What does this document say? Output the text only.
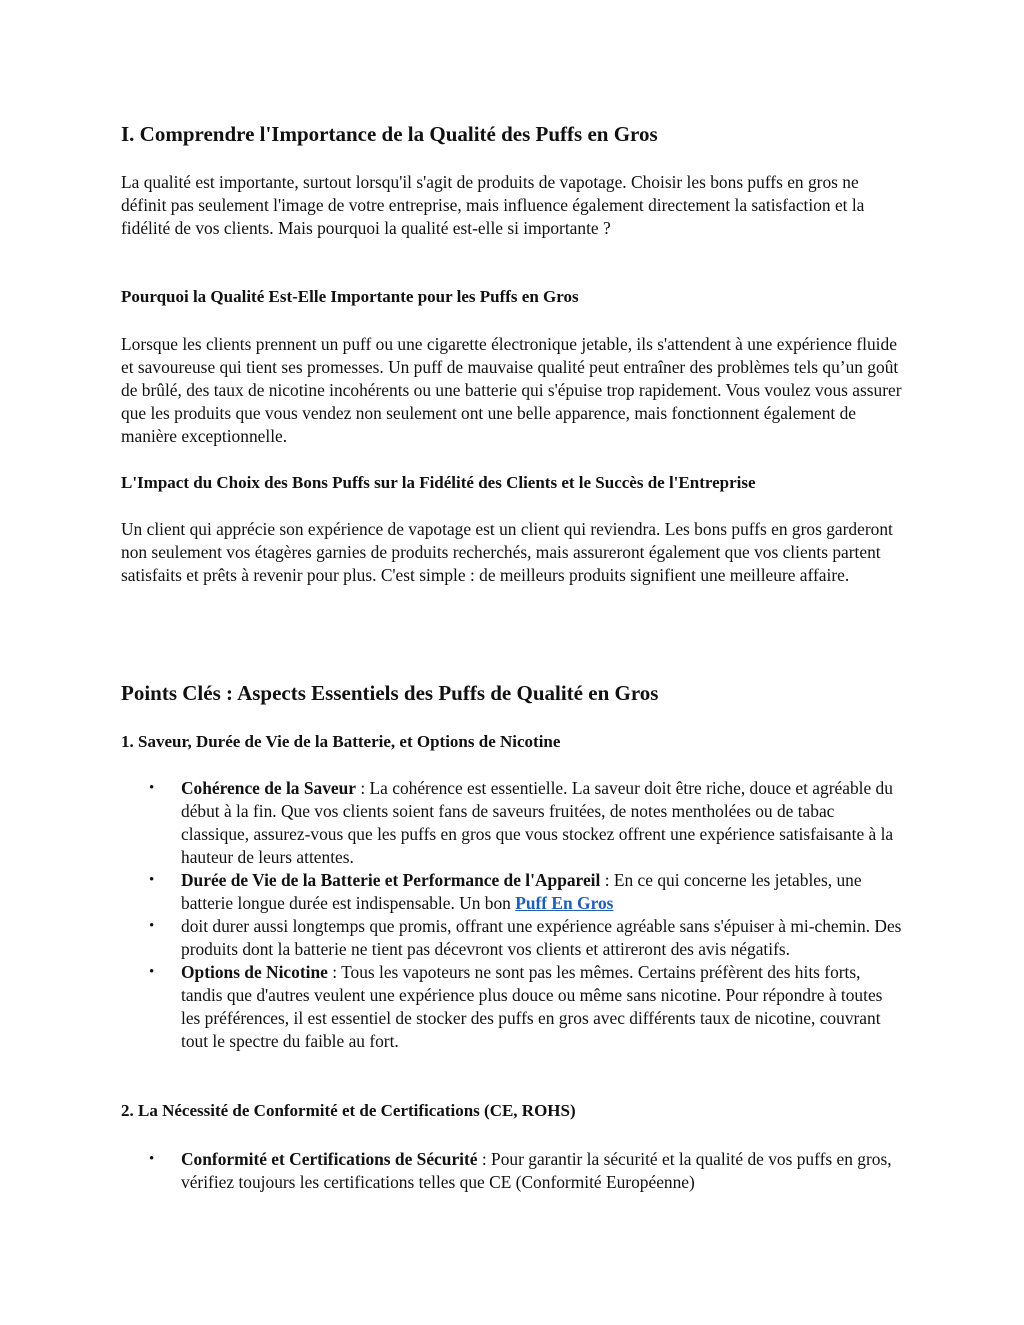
I. Comprendre l'Importance de la Qualité des Puffs en Gros

La qualité est importante, surtout lorsqu'il s'agit de produits de vapotage. Choisir les bons puffs en gros ne définit pas seulement l'image de votre entreprise, mais influence également directement la satisfaction et la fidélité de vos clients. Mais pourquoi la qualité est-elle si importante ?

Pourquoi la Qualité Est-Elle Importante pour les Puffs en Gros

Lorsque les clients prennent un puff ou une cigarette électronique jetable, ils s'attendent à une expérience fluide et savoureuse qui tient ses promesses. Un puff de mauvaise qualité peut entraîner des problèmes tels qu’un goût de brûlé, des taux de nicotine incohérents ou une batterie qui s'épuise trop rapidement. Vous voulez vous assurer que les produits que vous vendez non seulement ont une belle apparence, mais fonctionnent également de manière exceptionnelle.

L'Impact du Choix des Bons Puffs sur la Fidélité des Clients et le Succès de l'Entreprise

Un client qui apprécie son expérience de vapotage est un client qui reviendra. Les bons puffs en gros garderont non seulement vos étagères garnies de produits recherchés, mais assureront également que vos clients partent satisfaits et prêts à revenir pour plus. C'est simple : de meilleurs produits signifient une meilleure affaire.

Points Clés : Aspects Essentiels des Puffs de Qualité en Gros
1. Saveur, Durée de Vie de la Batterie, et Options de Nicotine
• Cohérence de la Saveur : La cohérence est essentielle. La saveur doit être riche, douce et agréable du début à la fin. Que vos clients soient fans de saveurs fruitées, de notes mentholées ou de tabac classique, assurez-vous que les puffs en gros que vous stockez offrent une expérience satisfaisante à la hauteur de leurs attentes.
• Durée de Vie de la Batterie et Performance de l'Appareil : En ce qui concerne les jetables, une batterie longue durée est indispensable. Un bon Puff En Gros
• doit durer aussi longtemps que promis, offrant une expérience agréable sans s'épuiser à mi-chemin. Des produits dont la batterie ne tient pas décevront vos clients et attireront des avis négatifs.
• Options de Nicotine : Tous les vapoteurs ne sont pas les mêmes. Certains préfèrent des hits forts, tandis que d'autres veulent une expérience plus douce ou même sans nicotine. Pour répondre à toutes les préférences, il est essentiel de stocker des puffs en gros avec différents taux de nicotine, couvrant tout le spectre du faible au fort.
2. La Nécessité de Conformité et de Certifications (CE, ROHS)
• Conformité et Certifications de Sécurité : Pour garantir la sécurité et la qualité de vos puffs en gros, vérifiez toujours les certifications telles que CE (Conformité Européenne)
